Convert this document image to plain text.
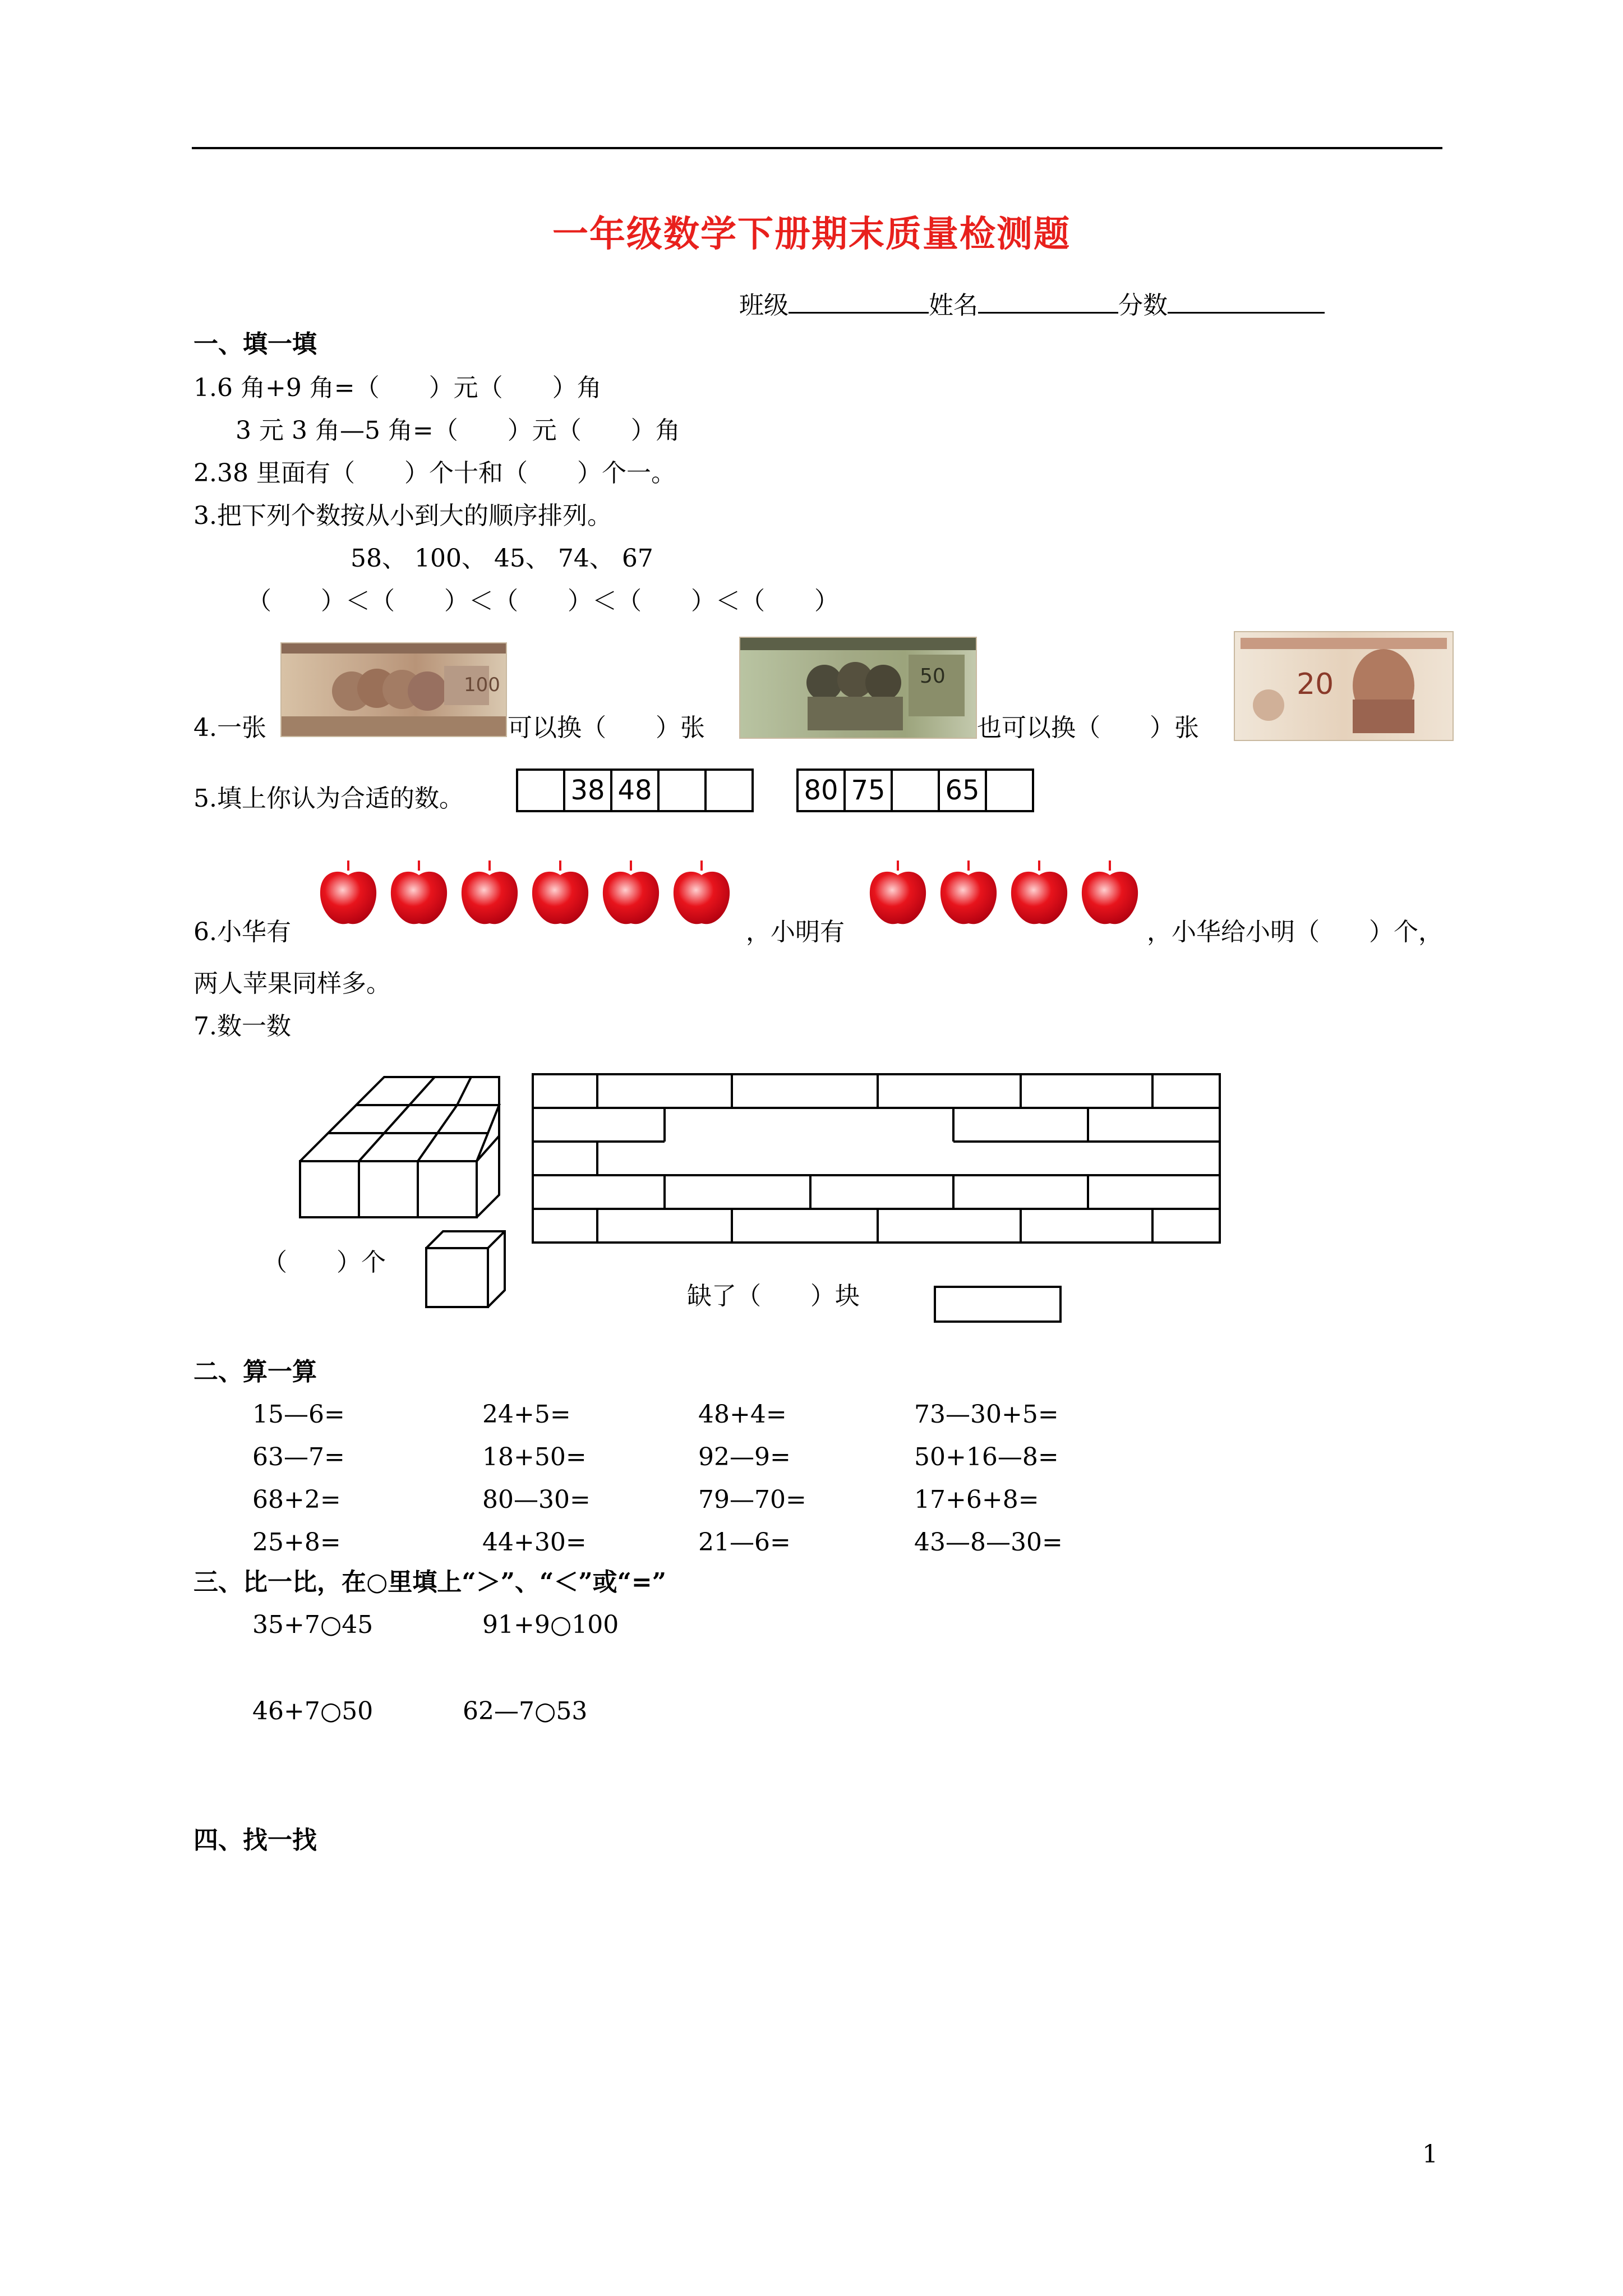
一年级数学下册期末质量检测题
班级	姓名	分数
一、填一填
1.6 角+9 角=（　　）元（　　）角
3 元 3 角—5 角=（　　）元（　　）角
2.38 里面有（　　）个十和（　　）个一。
3.把下列个数按从小到大的顺序排列。
58、 100、 45、 74、 67
（　　）＜（　　）＜（　　）＜（　　）＜（　　）
100	50	20
4.一张	可以换（　　）张	也可以换（　　）张
5.填上你认为合适的数。	38 48	80 75 65
6.小华有	，小明有	，小华给小明（　　）个，
两人苹果同样多。
7.数一数
（　　）个
缺了（　　）块
二、算一算
15—6=	24+5=	48+4=	73—30+5=
63—7=	18+50=	92—9=	50+16—8=
68+2=	80—30=	79—70=	17+6+8=
25+8=	44+30=	21—6=	43—8—30=
三、比一比，在○里填上“＞”、“＜”或“=”
35+7○45	91+9○100
46+7○50	62—7○53
四、找一找
1
